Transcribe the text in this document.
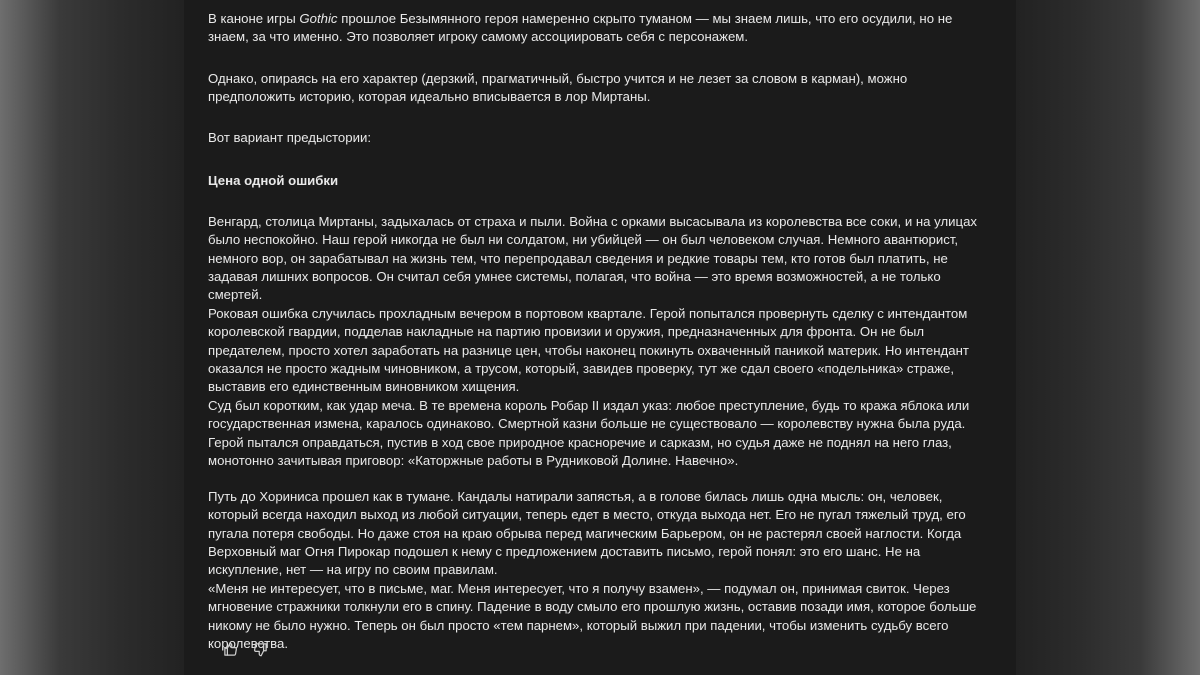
В каноне игры Gothic прошлое Безымянного героя намеренно скрыто туманом — мы знаем лишь, что его осудили, но не знаем, за что именно. Это позволяет игроку самому ассоциировать себя с персонажем.

Однако, опираясь на его характер (дерзкий, прагматичный, быстро учится и не лезет за словом в карман), можно предположить историю, которая идеально вписывается в лор Миртаны.

Вот вариант предыстории:

Цена одной ошибки

Венгард, столица Миртаны, задыхалась от страха и пыли. Война с орками высасывала из королевства все соки, и на улицах было неспокойно. Наш герой никогда не был ни солдатом, ни убийцей — он был человеком случая. Немного авантюрист, немного вор, он зарабатывал на жизнь тем, что перепродавал сведения и редкие товары тем, кто готов был платить, не задавая лишних вопросов. Он считал себя умнее системы, полагая, что война — это время возможностей, а не только смертей.

Роковая ошибка случилась прохладным вечером в портовом квартале. Герой попытался провернуть сделку с интендантом королевской гвардии, подделав накладные на партию провизии и оружия, предназначенных для фронта. Он не был предателем, просто хотел заработать на разнице цен, чтобы наконец покинуть охваченный паникой материк. Но интендант оказался не просто жадным чиновником, а трусом, который, завидев проверку, тут же сдал своего «подельника» страже, выставив его единственным виновником хищения.

Суд был коротким, как удар меча. В те времена король Робар II издал указ: любое преступление, будь то кража яблока или государственная измена, каралось одинаково. Смертной казни больше не существовало — королевству нужна была руда. Герой пытался оправдаться, пустив в ход свое природное красноречие и сарказм, но судья даже не поднял на него глаз, монотонно зачитывая приговор: «Каторжные работы в Рудниковой Долине. Навечно».

Путь до Хориниса прошел как в тумане. Кандалы натирали запястья, а в голове билась лишь одна мысль: он, человек, который всегда находил выход из любой ситуации, теперь едет в место, откуда выхода нет. Его не пугал тяжелый труд, его пугала потеря свободы. Но даже стоя на краю обрыва перед магическим Барьером, он не растерял своей наглости. Когда Верховный маг Огня Пирокар подошел к нему с предложением доставить письмо, герой понял: это его шанс. Не на искупление, нет — на игру по своим правилам.

«Меня не интересует, что в письме, маг. Меня интересует, что я получу взамен», — подумал он, принимая свиток. Через мгновение стражники толкнули его в спину. Падение в воду смыло его прошлую жизнь, оставив позади имя, которое больше никому не было нужно. Теперь он был просто «тем парнем», который выжил при падении, чтобы изменить судьбу всего королевства.
